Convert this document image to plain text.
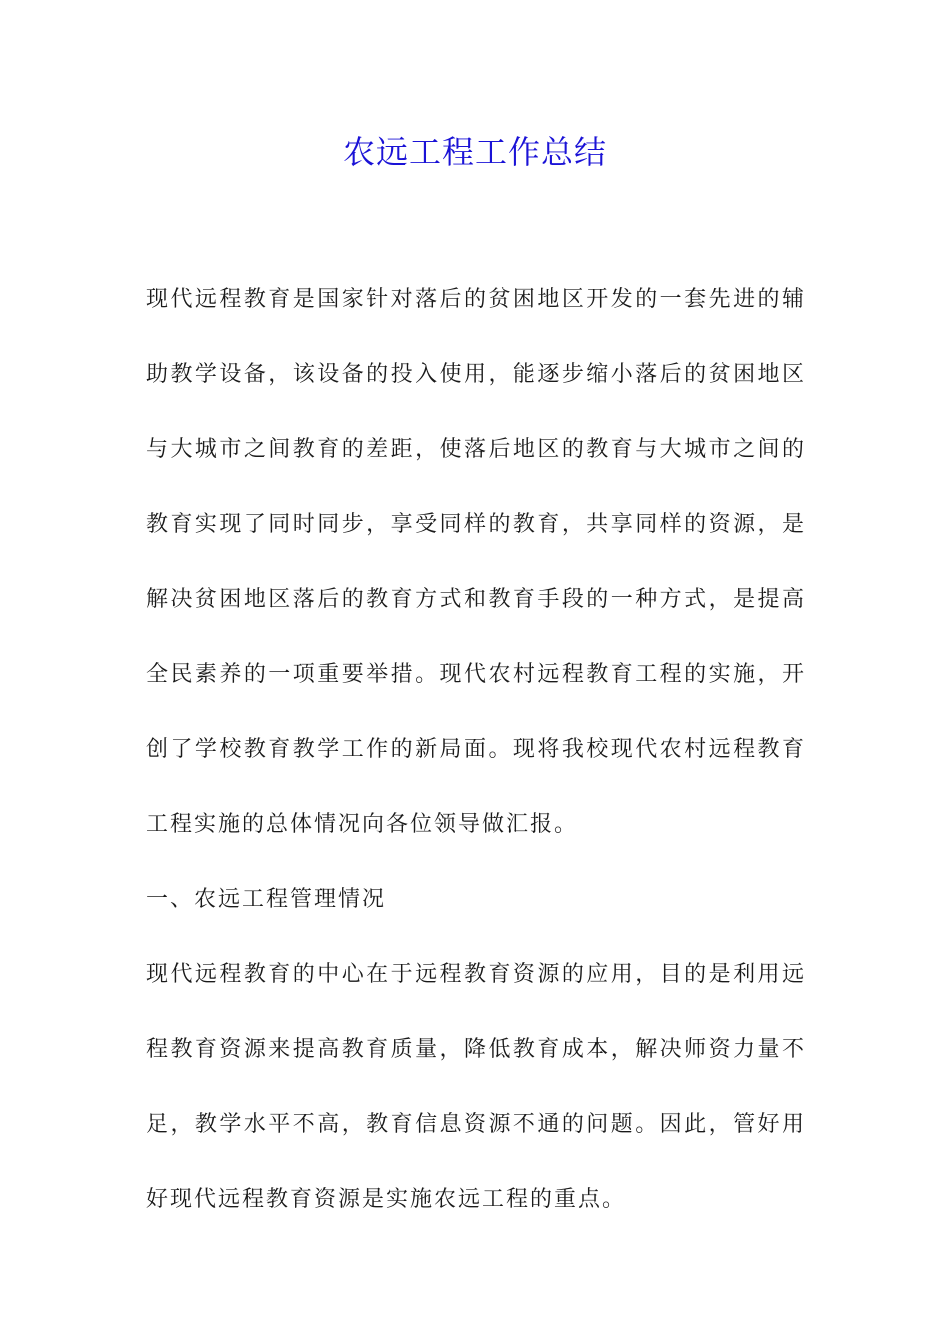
农远工程工作总结

现代远程教育是国家针对落后的贫困地区开发的一套先进的辅助教学设备，该设备的投入使用，能逐步缩小落后的贫困地区与大城市之间教育的差距，使落后地区的教育与大城市之间的教育实现了同时同步，享受同样的教育，共享同样的资源，是解决贫困地区落后的教育方式和教育手段的一种方式，是提高全民素养的一项重要举措。现代农村远程教育工程的实施，开创了学校教育教学工作的新局面。现将我校现代农村远程教育工程实施的总体情况向各位领导做汇报。

一、农远工程管理情况

现代远程教育的中心在于远程教育资源的应用，目的是利用远程教育资源来提高教育质量，降低教育成本，解决师资力量不足，教学水平不高，教育信息资源不通的问题。因此，管好用好现代远程教育资源是实施农远工程的重点。
